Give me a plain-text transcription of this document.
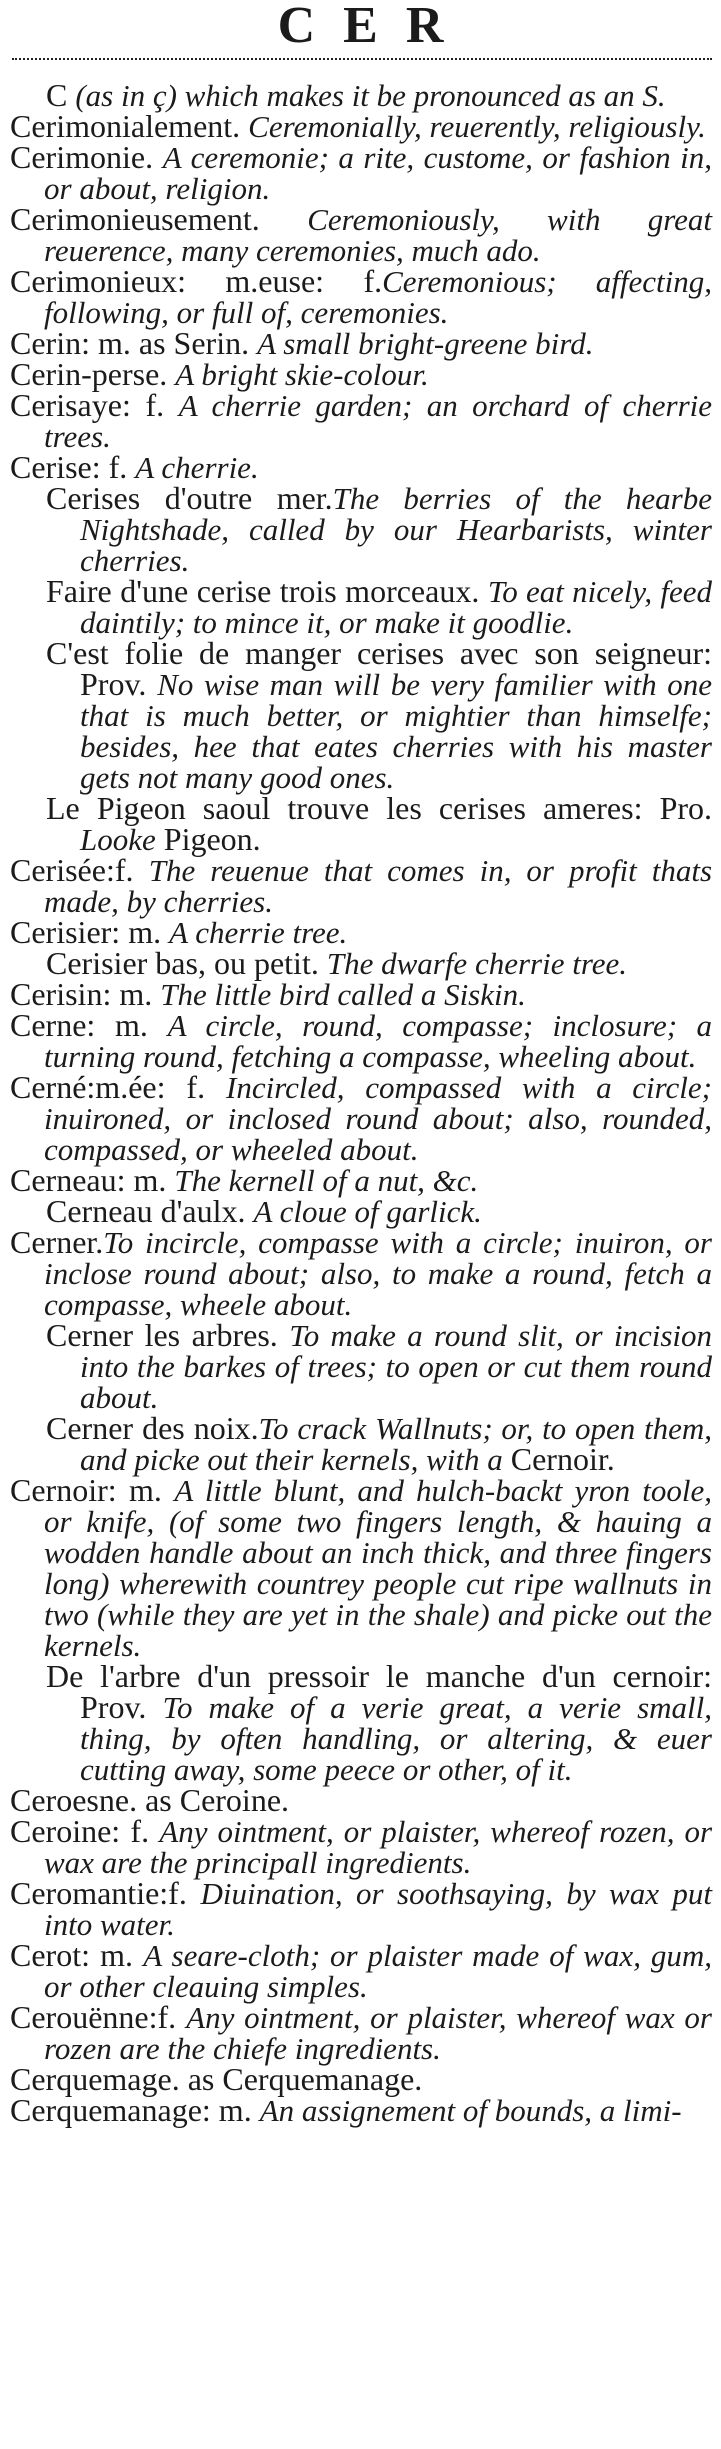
CER

C (as in ç) which makes it be pronounced as an S.

Cerimonialement. Ceremonially, reuerently, religiously.

Cerimonie. A ceremonie; a rite, custome, or fashion in, or about, religion.

Cerimonieusement. Ceremoniously, with great reuerence, many ceremonies, much ado.

Cerimonieux: m.euse: f.Ceremonious; affecting, following, or full of, ceremonies.

Cerin: m. as Serin. A small bright-greene bird.

Cerin-perse. A bright skie-colour.

Cerisaye: f. A cherrie garden; an orchard of cherrie trees.

Cerise: f. A cherrie.

Cerises d'outre mer.The berries of the hearbe Nightshade, called by our Hearbarists, winter cherries.

Faire d'une cerise trois morceaux. To eat nicely, feed daintily; to mince it, or make it goodlie.

C'est folie de manger cerises avec son seigneur: Prov. No wise man will be very familier with one that is much better, or mightier than himselfe; besides, hee that eates cherries with his master gets not many good ones.

Le Pigeon saoul trouve les cerises ameres: Pro. Looke Pigeon.

Cerisée:f. The reuenue that comes in, or profit thats made, by cherries.

Cerisier: m. A cherrie tree.

Cerisier bas, ou petit. The dwarfe cherrie tree.

Cerisin: m. The little bird called a Siskin.

Cerne: m. A circle, round, compasse; inclosure; a turning round, fetching a compasse, wheeling about.

Cerné:m.ée: f. Incircled, compassed with a circle; inuironed, or inclosed round about; also, rounded, compassed, or wheeled about.

Cerneau: m. The kernell of a nut, &c.

Cerneau d'aulx. A cloue of garlick.

Cerner.To incircle, compasse with a circle; inuiron, or inclose round about; also, to make a round, fetch a compasse, wheele about.

Cerner les arbres. To make a round slit, or incision into the barkes of trees; to open or cut them round about.

Cerner des noix.To crack Wallnuts; or, to open them, and picke out their kernels, with a Cernoir.

Cernoir: m. A little blunt, and hulch-backt yron toole, or knife, (of some two fingers length, & hauing a wodden handle about an inch thick, and three fingers long) wherewith countrey people cut ripe wallnuts in two (while they are yet in the shale) and picke out the kernels.

De l'arbre d'un pressoir le manche d'un cernoir: Prov. To make of a verie great, a verie small, thing, by often handling, or altering, & euer cutting away, some peece or other, of it.

Ceroesne. as Ceroine.

Ceroine: f. Any ointment, or plaister, whereof rozen, or wax are the principall ingredients.

Ceromantie:f. Diuination, or soothsaying, by wax put into water.

Cerot: m. A seare-cloth; or plaister made of wax, gum, or other cleauing simples.

Cerouënne:f. Any ointment, or plaister, whereof wax or rozen are the chiefe ingredients.

Cerquemage. as Cerquemanage.

Cerquemanage: m. An assignement of bounds, a limi-
